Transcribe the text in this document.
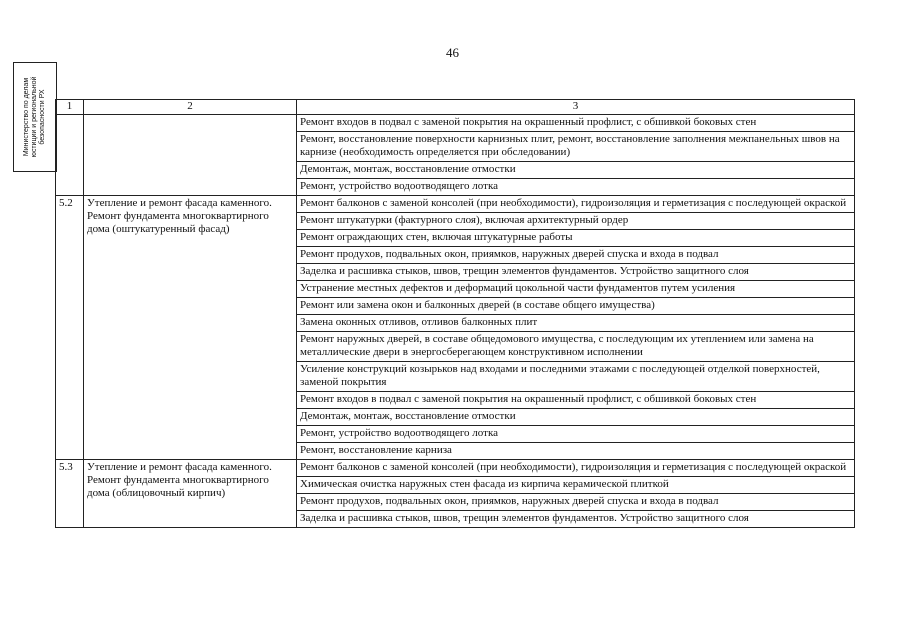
46
Министерство по делам юстиции и региональной безопасности РХ 1	2	3
		Ремонт входов в подвал с заменой покрытия на окрашенный профлист, с обшивкой боковых стен
		Ремонт, восстановление поверхности карнизных плит, ремонт, восстановление заполнения межпанельных швов на карнизе (необходимость определяется при обследовании)
		Демонтаж, монтаж, восстановление отмостки
		Ремонт, устройство водоотводящего лотка
5.2	Утепление и ремонт фасада каменного. Ремонт фундамента многоквартирного дома (оштукатуренный фасад)	Ремонт балконов с заменой консолей (при необходимости), гидроизоляция и герметизация с последующей окраской
		Ремонт штукатурки (фактурного слоя), включая архитектурный ордер
		Ремонт ограждающих стен, включая штукатурные работы
		Ремонт продухов, подвальных окон, приямков, наружных дверей спуска и входа в подвал
		Заделка и расшивка стыков, швов, трещин элементов фундаментов. Устройство защитного слоя
		Устранение местных дефектов и деформаций цокольной части фундаментов путем усиления
		Ремонт или замена окон и балконных дверей (в составе общего имущества)
		Замена оконных отливов, отливов балконных плит
		Ремонт наружных дверей, в составе общедомового имущества, с последующим их утеплением или замена на металлические двери в энергосберегающем конструктивном исполнении
		Усиление конструкций козырьков над входами и последними этажами с последующей отделкой поверхностей, заменой покрытия
		Ремонт входов в подвал с заменой покрытия на окрашенный профлист, с обшивкой боковых стен
		Демонтаж, монтаж, восстановление отмостки
		Ремонт, устройство водоотводящего лотка
		Ремонт, восстановление карниза
5.3	Утепление и ремонт фасада каменного. Ремонт фундамента многоквартирного дома (облицовочный кирпич)	Ремонт балконов с заменой консолей (при необходимости), гидроизоляция и герметизация с последующей окраской
		Химическая очистка наружных стен фасада из кирпича керамической плиткой
		Ремонт продухов, подвальных окон, приямков, наружных дверей спуска и входа в подвал
		Заделка и расшивка стыков, швов, трещин элементов фундаментов. Устройство защитного слоя
